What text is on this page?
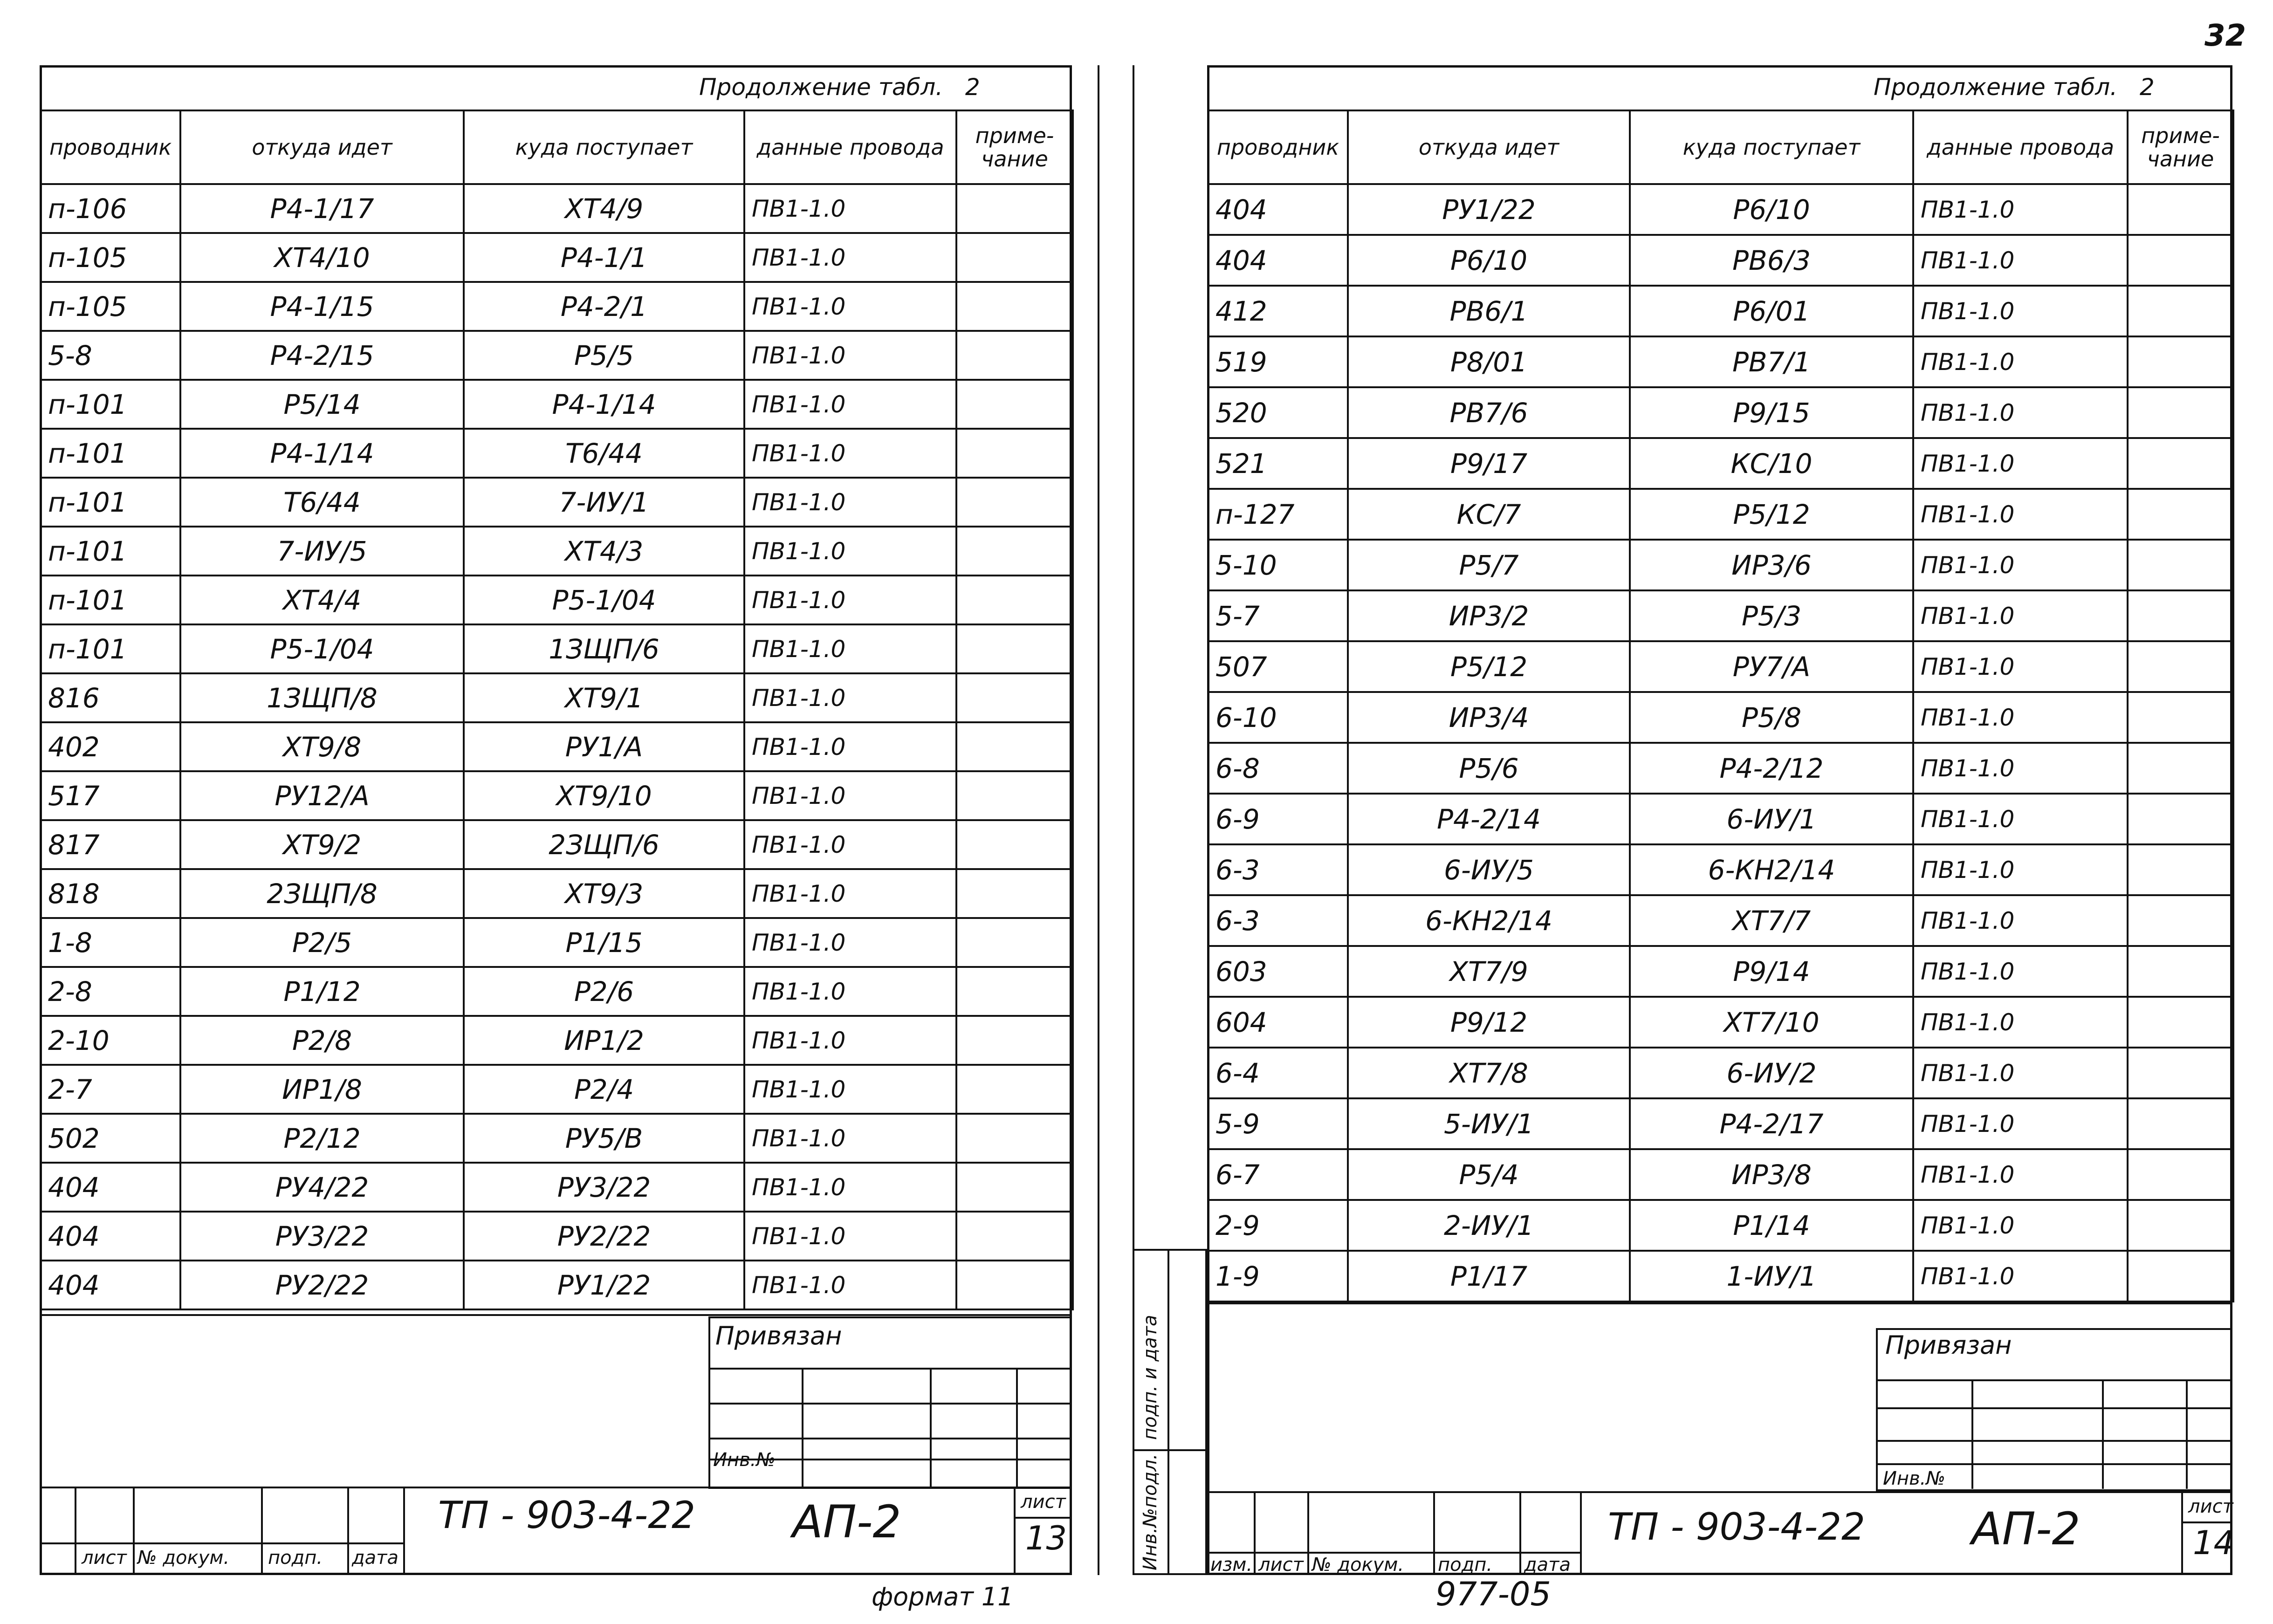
32
Продолжение табл. 2
проводник	откуда идет	куда поступает	данные провода	приме- чание
п-106	Р4-1/17	ХТ4/9	ПВ1-1.0	
п-105	ХТ4/10	Р4-1/1	ПВ1-1.0	
п-105	Р4-1/15	Р4-2/1	ПВ1-1.0	
5-8	Р4-2/15	Р5/5	ПВ1-1.0	
п-101	Р5/14	Р4-1/14	ПВ1-1.0	
п-101	Р4-1/14	Т6/44	ПВ1-1.0	
п-101	Т6/44	7-ИУ/1	ПВ1-1.0	
п-101	7-ИУ/5	ХТ4/3	ПВ1-1.0	
п-101	ХТ4/4	Р5-1/04	ПВ1-1.0	
п-101	Р5-1/04	1ЗЩП/6	ПВ1-1.0	
816	1ЗЩП/8	ХТ9/1	ПВ1-1.0	
402	ХТ9/8	РУ1/А	ПВ1-1.0	
517	РУ12/А	ХТ9/10	ПВ1-1.0	
817	ХТ9/2	2ЗЩП/6	ПВ1-1.0	
818	2ЗЩП/8	ХТ9/3	ПВ1-1.0	
1-8	Р2/5	Р1/15	ПВ1-1.0	
2-8	Р1/12	Р2/6	ПВ1-1.0	
2-10	Р2/8	ИР1/2	ПВ1-1.0	
2-7	ИР1/8	Р2/4	ПВ1-1.0	
502	Р2/12	РУ5/В	ПВ1-1.0	
404	РУ4/22	РУ3/22	ПВ1-1.0	
404	РУ3/22	РУ2/22	ПВ1-1.0	
404	РУ2/22	РУ1/22	ПВ1-1.0	
Привязан
Инв.№
лист № докум. подп. дата
ТП - 903-4-22 АП-2	лист
13
формат 11
Инв.№подл.
подп. и дата
Продолжение табл. 2
проводник	откуда идет	куда поступает	данные провода	приме- чание
404	РУ1/22	Р6/10	ПВ1-1.0	
404	Р6/10	РВ6/3	ПВ1-1.0	
412	РВ6/1	Р6/01	ПВ1-1.0	
519	Р8/01	РВ7/1	ПВ1-1.0	
520	РВ7/6	Р9/15	ПВ1-1.0	
521	Р9/17	КС/10	ПВ1-1.0	
п-127	КС/7	Р5/12	ПВ1-1.0	
5-10	Р5/7	ИР3/6	ПВ1-1.0	
5-7	ИР3/2	Р5/3	ПВ1-1.0	
507	Р5/12	РУ7/А	ПВ1-1.0	
6-10	ИР3/4	Р5/8	ПВ1-1.0	
6-8	Р5/6	Р4-2/12	ПВ1-1.0	
6-9	Р4-2/14	6-ИУ/1	ПВ1-1.0	
6-3	6-ИУ/5	6-КН2/14	ПВ1-1.0	
6-3	6-КН2/14	ХТ7/7	ПВ1-1.0	
603	ХТ7/9	Р9/14	ПВ1-1.0	
604	Р9/12	ХТ7/10	ПВ1-1.0	
6-4	ХТ7/8	6-ИУ/2	ПВ1-1.0	
5-9	5-ИУ/1	Р4-2/17	ПВ1-1.0	
6-7	Р5/4	ИР3/8	ПВ1-1.0	
2-9	2-ИУ/1	Р1/14	ПВ1-1.0	
1-9	Р1/17	1-ИУ/1	ПВ1-1.0	
Привязан
Инв.№
изм. лист № докум. подп. дата
ТП - 903-4-22 АП-2	лист
14
977-05
